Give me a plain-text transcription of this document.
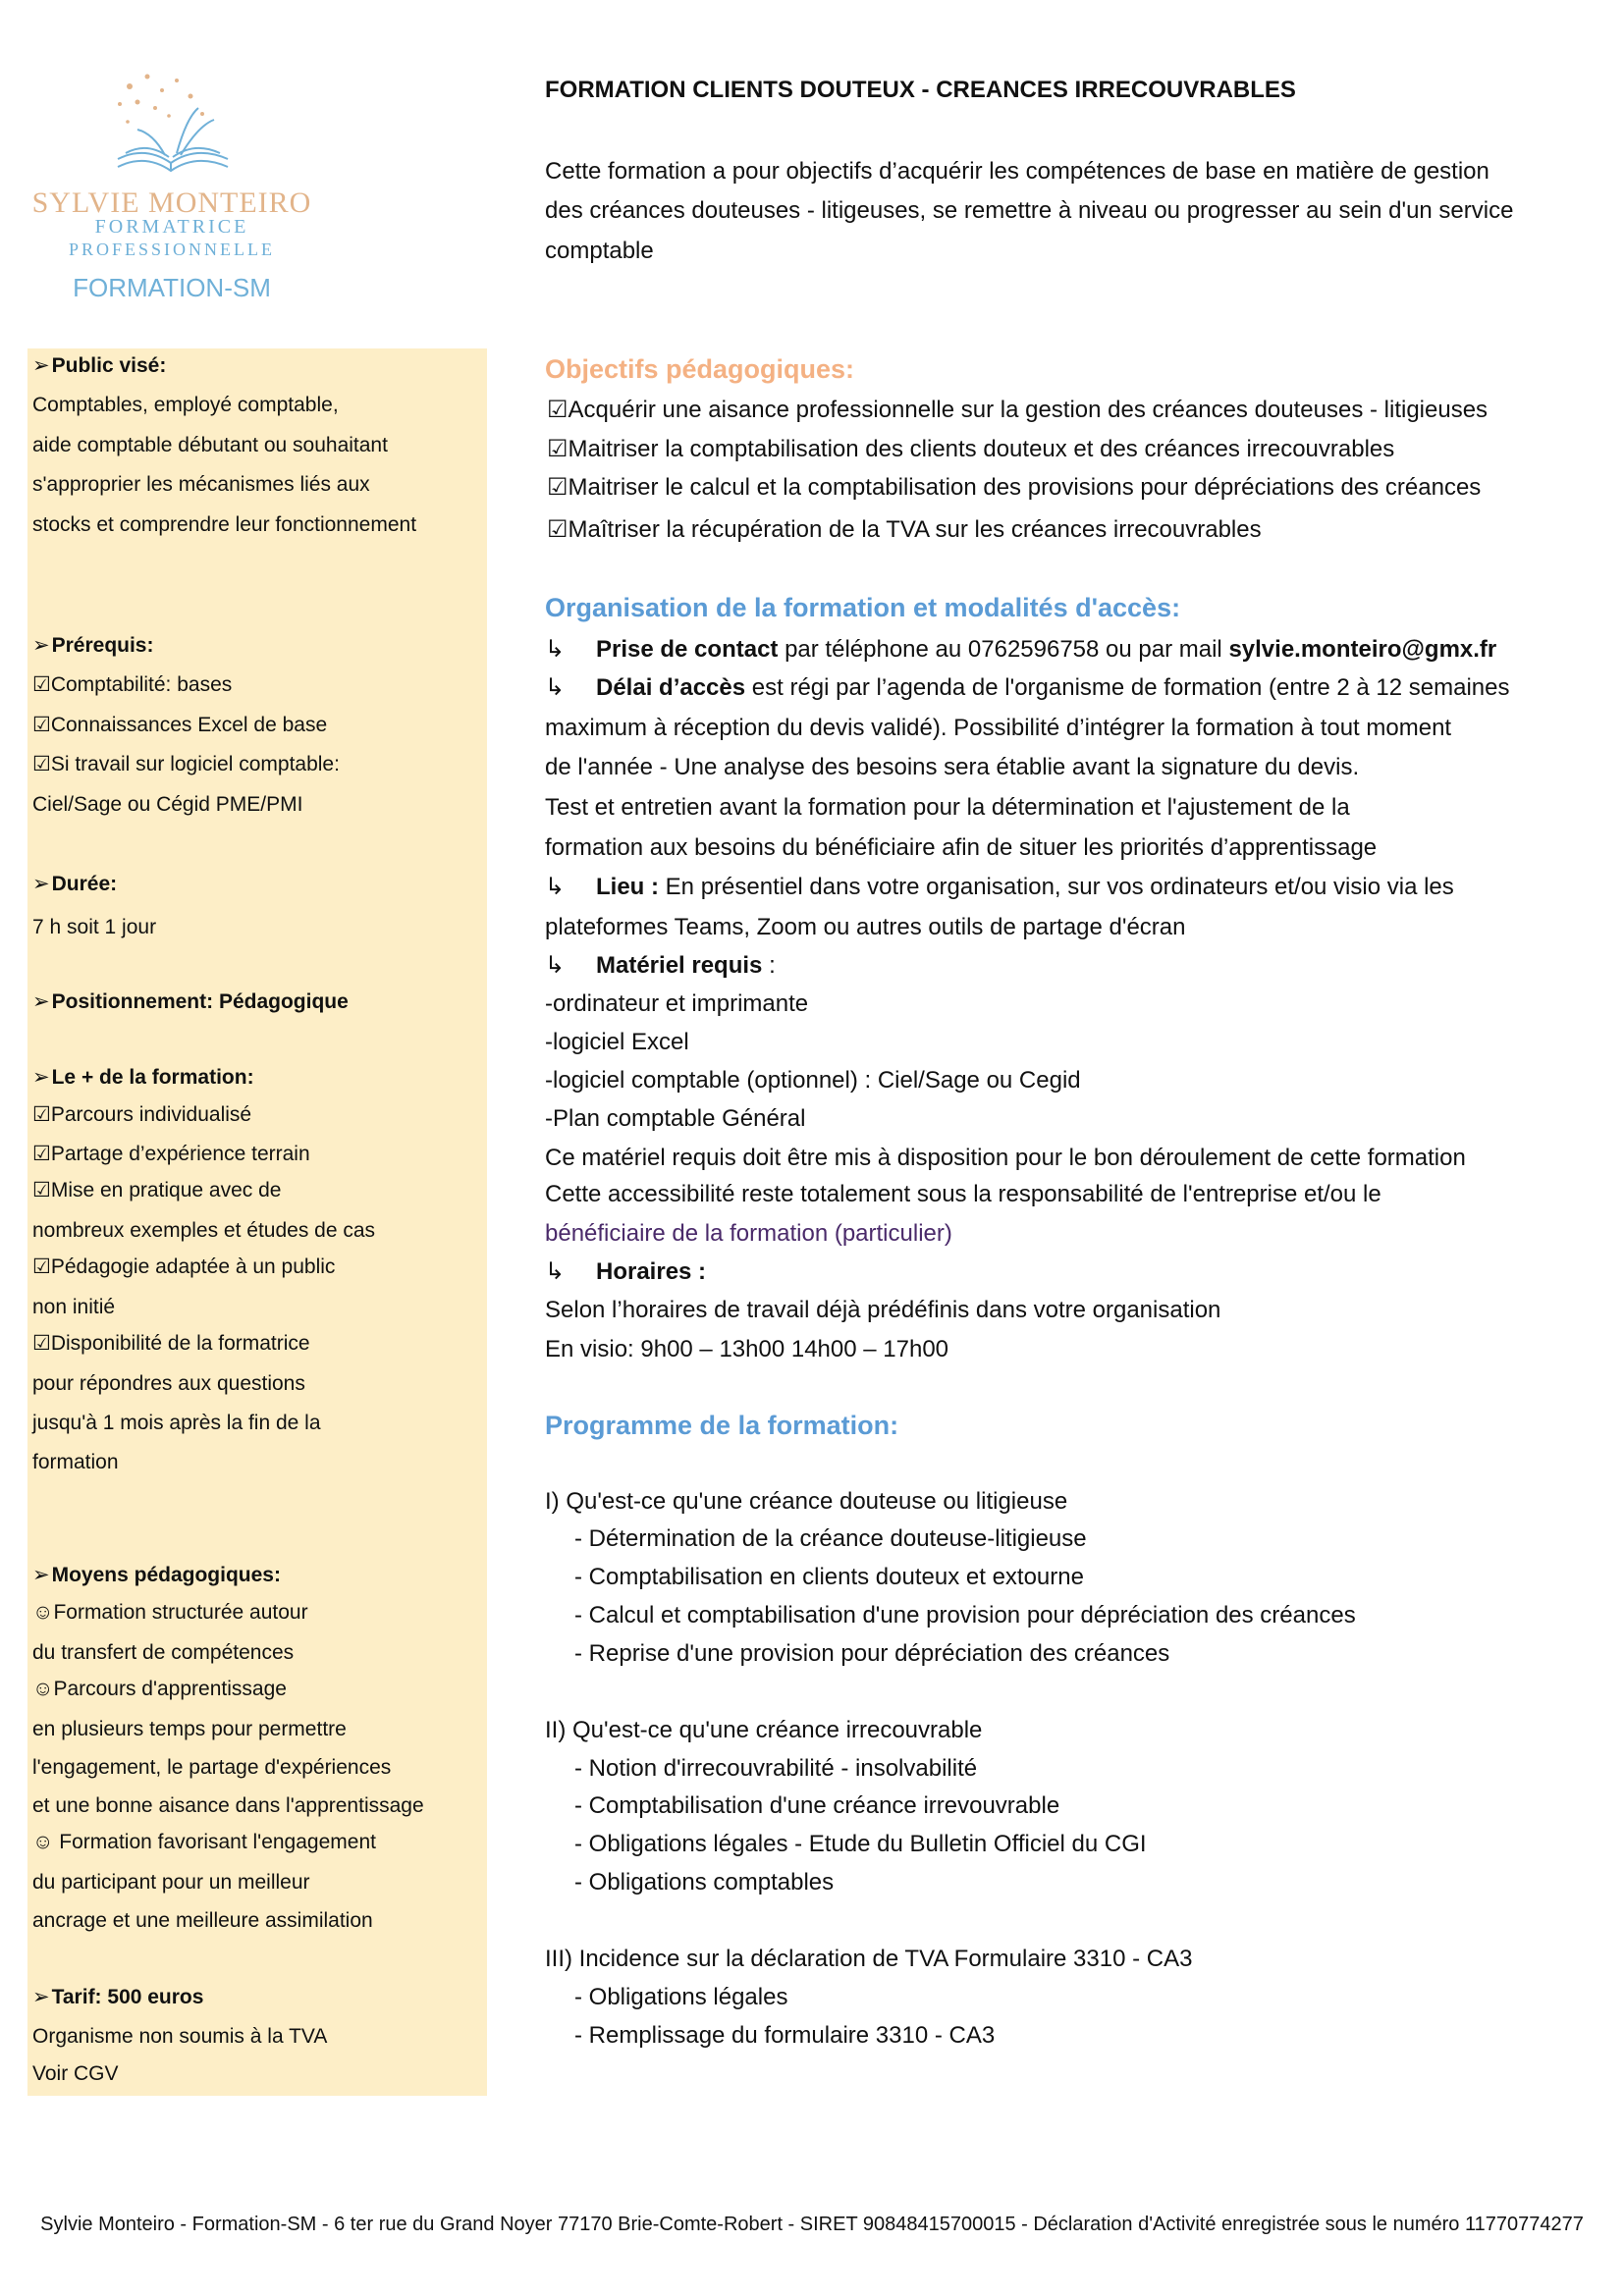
SYLVIE MONTEIRO
FORMATRICE
PROFESSIONNELLE
FORMATION-SM
➢Public visé:
Comptables, employé comptable,
aide comptable débutant ou souhaitant
s'approprier les mécanismes liés aux
stocks et comprendre leur fonctionnement
➢Prérequis:
☑Comptabilité: bases
☑Connaissances Excel de base
☑Si travail sur logiciel comptable:
Ciel/Sage ou Cégid PME/PMI
➢Durée:
7 h soit 1 jour
➢Positionnement: Pédagogique
➢Le + de la formation:
☑Parcours individualisé
☑Partage d’expérience terrain
☑Mise en pratique avec de
nombreux exemples et études de cas
☑Pédagogie adaptée à un public
non initié
☑Disponibilité de la formatrice
pour répondres aux questions
jusqu'à 1 mois après la fin de la
formation
➢Moyens pédagogiques:
☺Formation structurée autour
du transfert de compétences
☺Parcours d'apprentissage
en plusieurs temps pour permettre
l'engagement, le partage d'expériences
et une bonne aisance dans l'apprentissage
☺ Formation favorisant l'engagement
du participant pour un meilleur
ancrage et une meilleure assimilation
➢Tarif: 500 euros
Organisme non soumis à la TVA
Voir CGV
FORMATION CLIENTS DOUTEUX - CREANCES IRRECOUVRABLES
Cette formation a pour objectifs d’acquérir les compétences de base en matière de gestion
des créances douteuses - litigeuses, se remettre à niveau ou progresser au sein d'un service
comptable
Objectifs pédagogiques:
☑Acquérir une aisance professionnelle sur la gestion des créances douteuses - litigieuses
☑Maitriser la comptabilisation des clients douteux et des créances irrecouvrables
☑Maitriser le calcul et la comptabilisation des provisions pour dépréciations des créances
☑Maîtriser la récupération de la TVA sur les créances irrecouvrables
Organisation de la formation et modalités d'accès:
↳ Prise de contact par téléphone au 0762596758 ou par mail sylvie.monteiro@gmx.fr
↳ Délai d’accès est régi par l’agenda de l'organisme de formation (entre 2 à 12 semaines
maximum à réception du devis validé). Possibilité d’intégrer la formation à tout moment
de l'année - Une analyse des besoins sera établie avant la signature du devis.
Test et entretien avant la formation pour la détermination et l'ajustement de la
formation aux besoins du bénéficiaire afin de situer les priorités d’apprentissage
↳ Lieu : En présentiel dans votre organisation, sur vos ordinateurs et/ou visio via les
plateformes Teams, Zoom ou autres outils de partage d'écran
↳ Matériel requis :
-ordinateur et imprimante
-logiciel Excel
-logiciel comptable (optionnel) : Ciel/Sage ou Cegid
-Plan comptable Général
Ce matériel requis doit être mis à disposition pour le bon déroulement de cette formation
Cette accessibilité reste totalement sous la responsabilité de l'entreprise et/ou le
bénéficiaire de la formation (particulier)
↳ Horaires :
Selon l’horaires de travail déjà prédéfinis dans votre organisation
En visio: 9h00 – 13h00 14h00 – 17h00
Programme de la formation:
I) Qu'est-ce qu'une créance douteuse ou litigieuse
- Détermination de la créance douteuse-litigieuse
- Comptabilisation en clients douteux et extourne
- Calcul et comptabilisation d'une provision pour dépréciation des créances
- Reprise d'une provision pour dépréciation des créances
II) Qu'est-ce qu'une créance irrecouvrable
- Notion d'irrecouvrabilité - insolvabilité
- Comptabilisation d'une créance irrevouvrable
- Obligations légales - Etude du Bulletin Officiel du CGI
- Obligations comptables
III) Incidence sur la déclaration de TVA Formulaire 3310 - CA3
- Obligations légales
- Remplissage du formulaire 3310 - CA3
Sylvie Monteiro - Formation-SM - 6 ter rue du Grand Noyer 77170 Brie-Comte-Robert - SIRET 90848415700015 - Déclaration d'Activité enregistrée sous le numéro 11770774277
